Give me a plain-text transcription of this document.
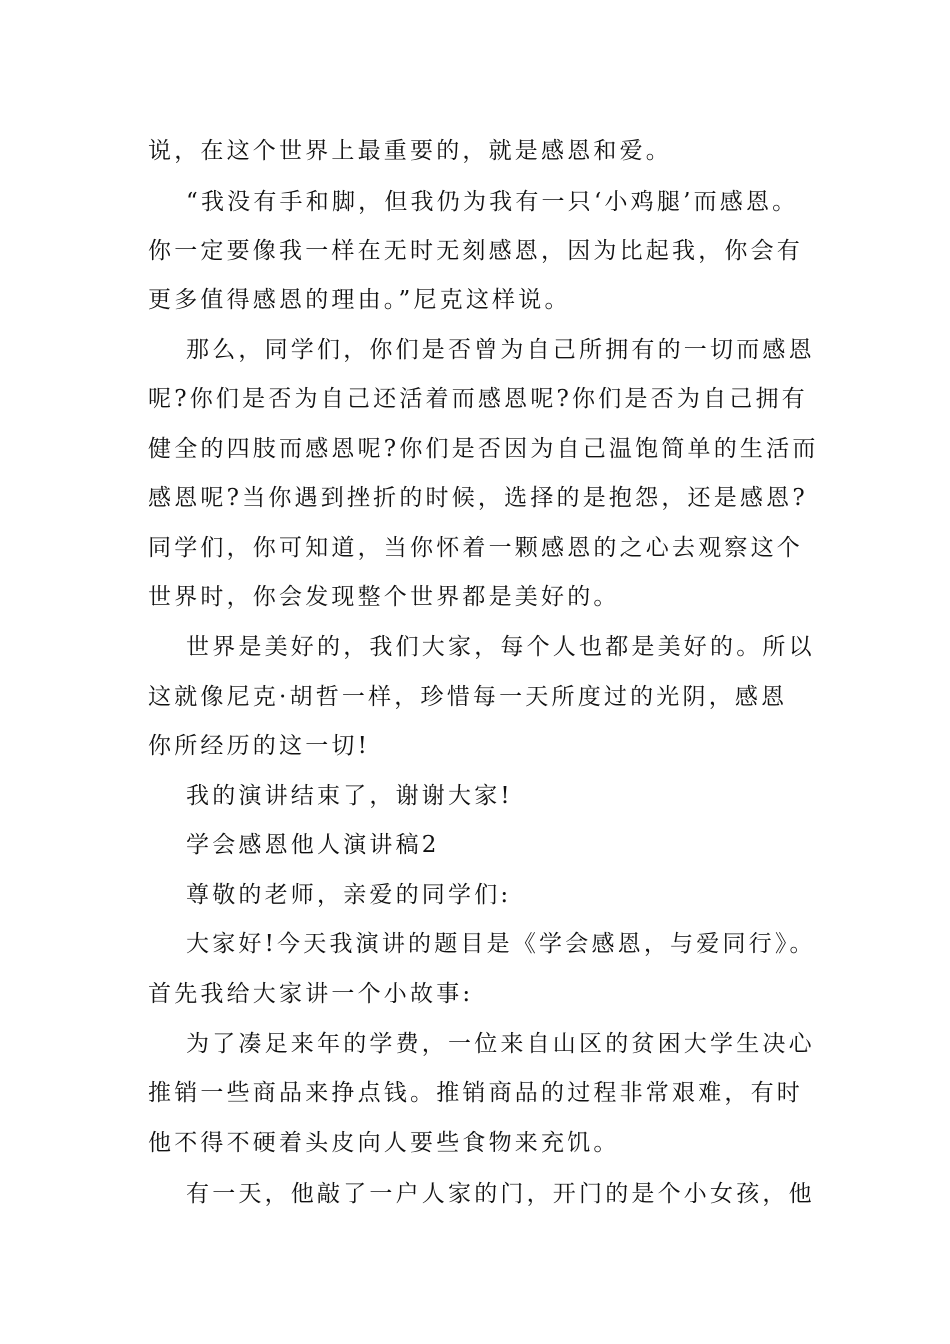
说，在这个世界上最重要的，就是感恩和爱。
“我没有手和脚，但我仍为我有一只‘小鸡腿’而感恩。
你一定要像我一样在无时无刻感恩，因为比起我，你会有
更多值得感恩的理由。”尼克这样说。
那么，同学们，你们是否曾为自己所拥有的一切而感恩
呢?你们是否为自己还活着而感恩呢?你们是否为自己拥有
健全的四肢而感恩呢?你们是否因为自己温饱简单的生活而
感恩呢?当你遇到挫折的时候，选择的是抱怨，还是感恩?
同学们，你可知道，当你怀着一颗感恩的之心去观察这个
世界时，你会发现整个世界都是美好的。
世界是美好的，我们大家，每个人也都是美好的。所以
这就像尼克·胡哲一样，珍惜每一天所度过的光阴，感恩
你所经历的这一切!
我的演讲结束了，谢谢大家!
学会感恩他人演讲稿2
尊敬的老师，亲爱的同学们:
大家好!今天我演讲的题目是《学会感恩，与爱同行》。
首先我给大家讲一个小故事:
为了凑足来年的学费，一位来自山区的贫困大学生决心
推销一些商品来挣点钱。推销商品的过程非常艰难，有时
他不得不硬着头皮向人要些食物来充饥。
有一天，他敲了一户人家的门，开门的是个小女孩，他
